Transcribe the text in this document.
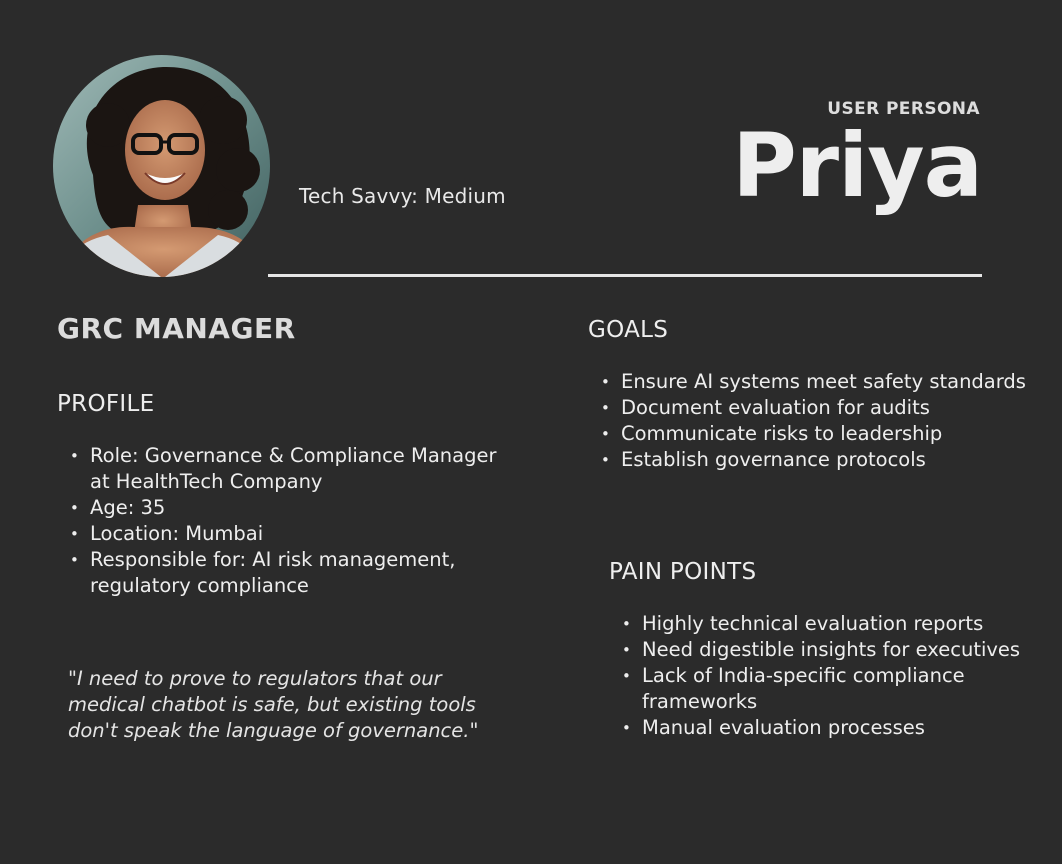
Tech Savvy: Medium
USER PERSONA
Priya
GRC MANAGER
PROFILE
• Role: Governance & Compliance Manager at HealthTech Company
• Age: 35
• Location: Mumbai
• Responsible for: AI risk management, regulatory compliance
"I need to prove to regulators that our medical chatbot is safe, but existing tools don't speak the language of governance."
GOALS
• Ensure AI systems meet safety standards
• Document evaluation for audits
• Communicate risks to leadership
• Establish governance protocols
PAIN POINTS
• Highly technical evaluation reports
• Need digestible insights for executives
• Lack of India-specific compliance frameworks
• Manual evaluation processes
